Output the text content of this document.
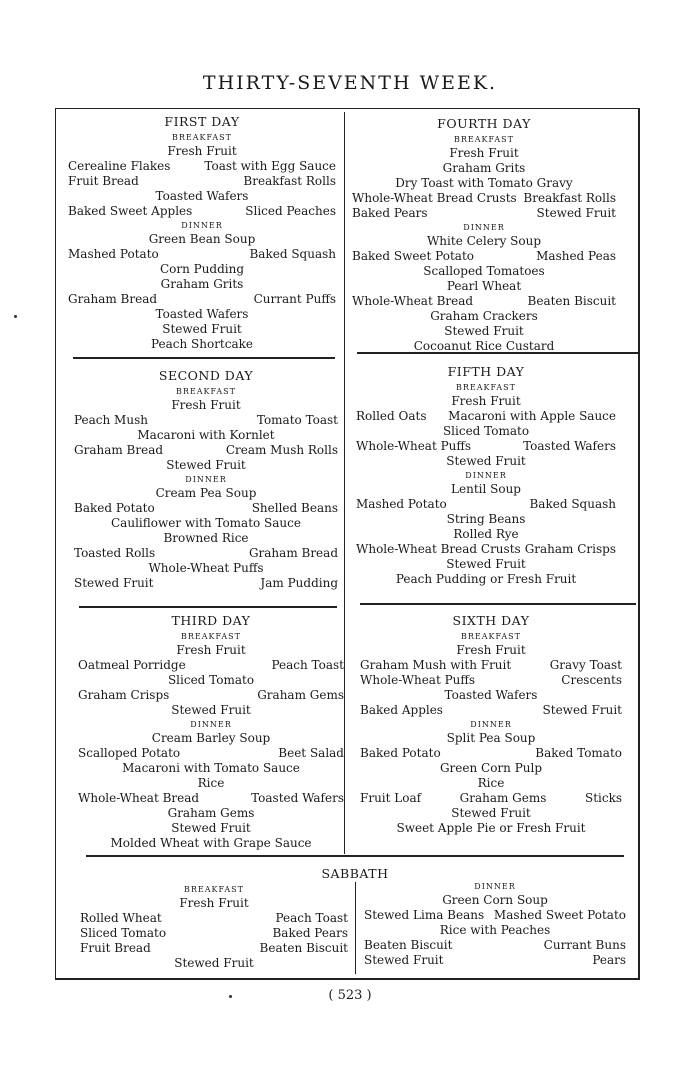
THIRTY-SEVENTH WEEK.
FIRST DAY
BREAKFAST
Fresh Fruit
Cerealine Flakes	Toast with Egg Sauce
Fruit Bread	Breakfast Rolls
Toasted Wafers
Baked Sweet Apples	Sliced Peaches
DINNER
Green Bean Soup
Mashed Potato	Baked Squash
Corn Pudding
Graham Grits
Graham Bread	Currant Puffs
Toasted Wafers
Stewed Fruit
Peach Shortcake
SECOND DAY
BREAKFAST
Fresh Fruit
Peach Mush	Tomato Toast
Macaroni with Kornlet
Graham Bread	Cream Mush Rolls
Stewed Fruit
DINNER
Cream Pea Soup
Baked Potato	Shelled Beans
Cauliflower with Tomato Sauce
Browned Rice
Toasted Rolls	Graham Bread
Whole-Wheat Puffs
Stewed Fruit	Jam Pudding
THIRD DAY
BREAKFAST
Fresh Fruit
Oatmeal Porridge	Peach Toast
Sliced Tomato
Graham Crisps	Graham Gems
Stewed Fruit
DINNER
Cream Barley Soup
Scalloped Potato	Beet Salad
Macaroni with Tomato Sauce
Rice
Whole-Wheat Bread	Toasted Wafers
Graham Gems
Stewed Fruit
Molded Wheat with Grape Sauce
FOURTH DAY
BREAKFAST
Fresh Fruit
Graham Grits
Dry Toast with Tomato Gravy
Whole-Wheat Bread Crusts Breakfast Rolls
Baked Pears	Stewed Fruit
DINNER
White Celery Soup
Baked Sweet Potato	Mashed Peas
Scalloped Tomatoes
Pearl Wheat
Whole-Wheat Bread	Beaten Biscuit
Graham Crackers
Stewed Fruit
Cocoanut Rice Custard
FIFTH DAY
BREAKFAST
Fresh Fruit
Rolled Oats Macaroni with Apple Sauce
Sliced Tomato
Whole-Wheat Puffs	Toasted Wafers
Stewed Fruit
DINNER
Lentil Soup
Mashed Potato	Baked Squash
String Beans
Rolled Rye
Whole-Wheat Bread Crusts Graham Crisps
Stewed Fruit
Peach Pudding or Fresh Fruit
SIXTH DAY
BREAKFAST
Fresh Fruit
Graham Mush with Fruit	Gravy Toast
Whole-Wheat Puffs	Crescents
Toasted Wafers
Baked Apples	Stewed Fruit
DINNER
Split Pea Soup
Baked Potato	Baked Tomato
Green Corn Pulp
Rice
Fruit Loaf	Graham Gems	Sticks
Stewed Fruit
Sweet Apple Pie or Fresh Fruit
SABBATH
BREAKFAST
Fresh Fruit
Rolled Wheat	Peach Toast
Sliced Tomato	Baked Pears
Fruit Bread	Beaten Biscuit
Stewed Fruit
DINNER
Green Corn Soup
Stewed Lima Beans Mashed Sweet Potato
Rice with Peaches
Beaten Biscuit	Currant Buns
Stewed Fruit	Pears
( 523 )
